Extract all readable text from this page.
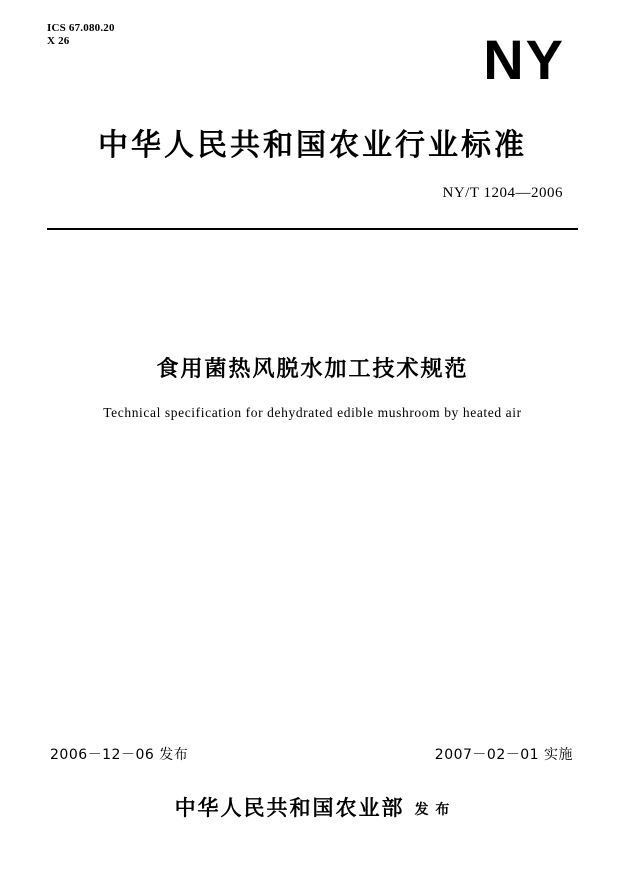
ICS 67.080.20
X 26	NY
中华人民共和国农业行业标准
NY/T 1204—2006
食用菌热风脱水加工技术规范
Technical specification for dehydrated edible mushroom by heated air
2006－12－06 发布	2007－02－01 实施
中华人民共和国农业部 发 布
